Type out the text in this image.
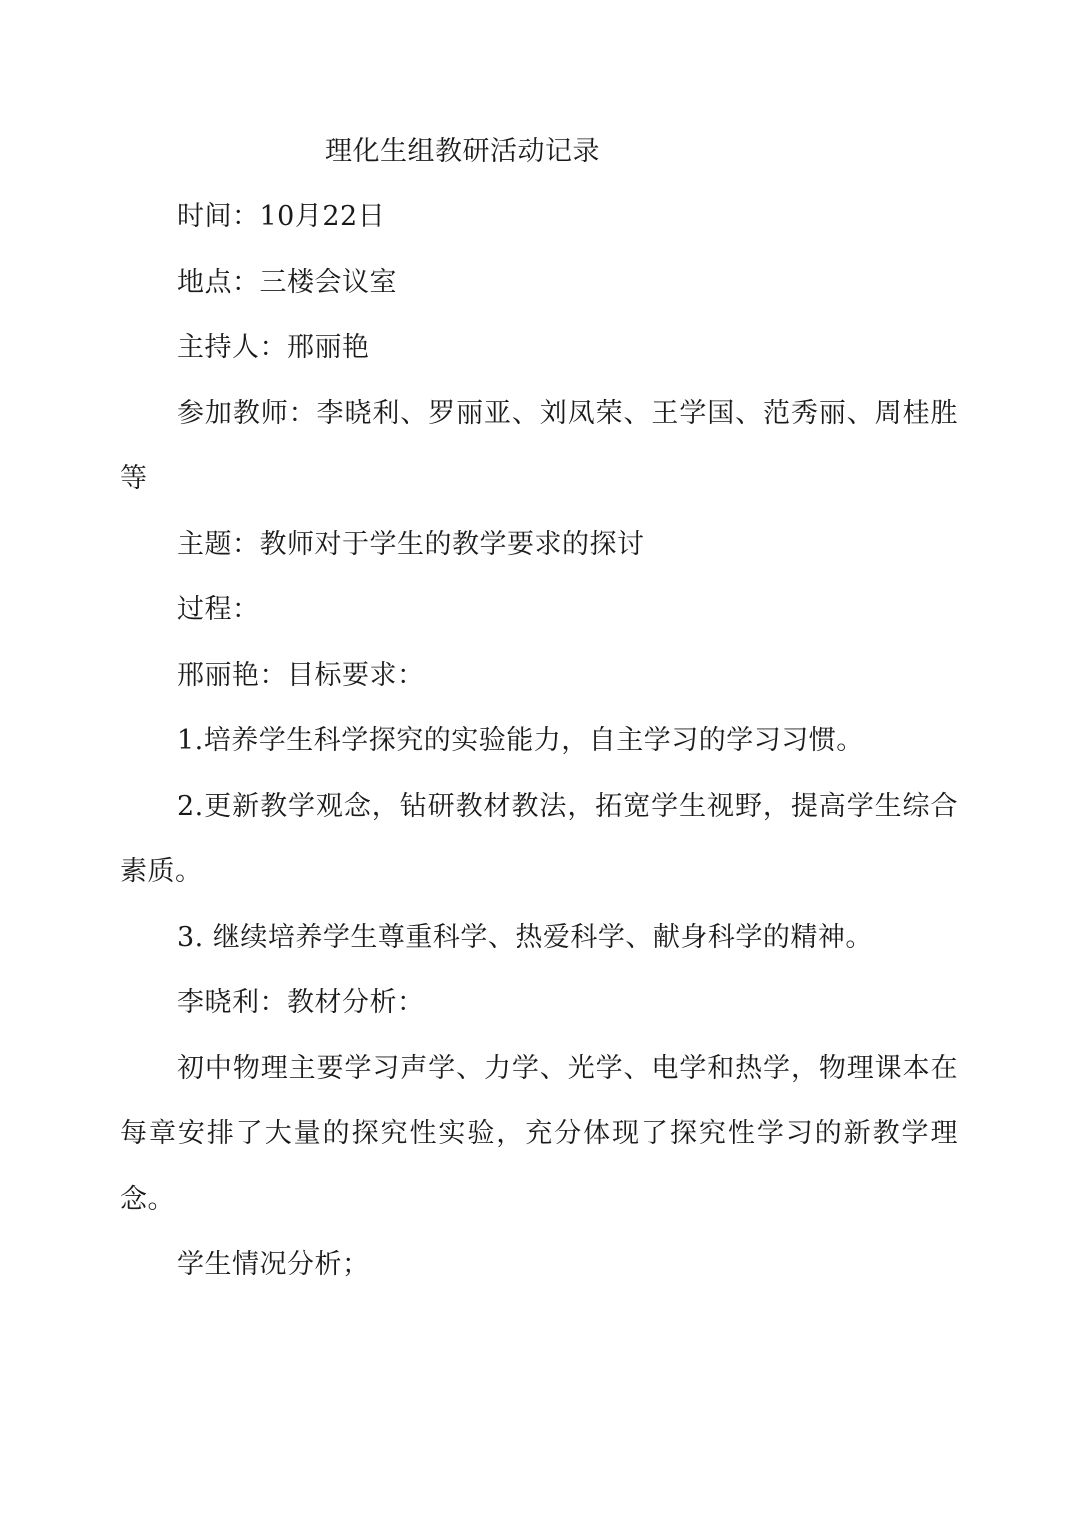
理化生组教研活动记录

时间：10月22日

地点：三楼会议室

主持人：邢丽艳

参加教师：李晓利、罗丽亚、刘凤荣、王学国、范秀丽、周桂胜等

主题：教师对于学生的教学要求的探讨

过程：

邢丽艳：目标要求：

1.培养学生科学探究的实验能力，自主学习的学习习惯。

2.更新教学观念，钻研教材教法，拓宽学生视野，提高学生综合素质。

3. 继续培养学生尊重科学、热爱科学、献身科学的精神。

李晓利：教材分析：

初中物理主要学习声学、力学、光学、电学和热学，物理课本在每章安排了大量的探究性实验，充分体现了探究性学习的新教学理念。

学生情况分析；
